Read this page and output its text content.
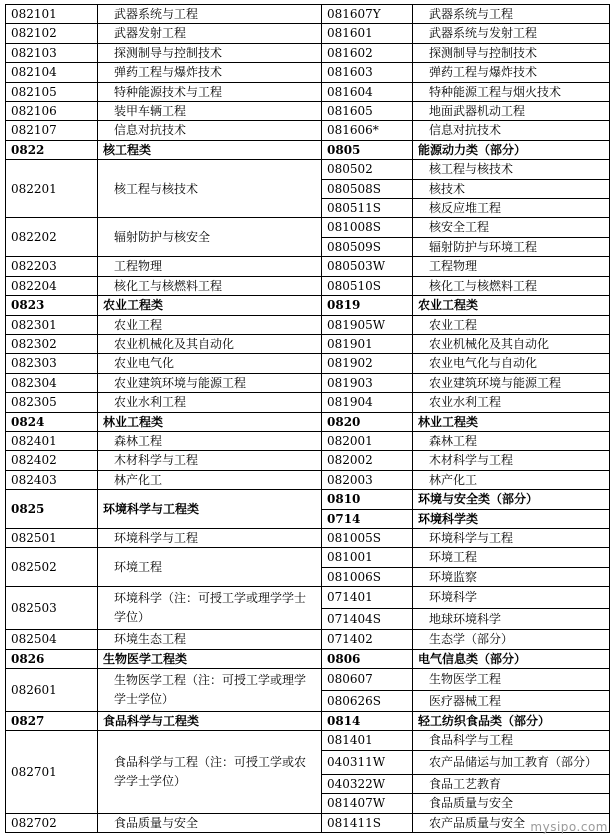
082101	武器系统与工程	081607Y	武器系统与工程
082102	武器发射工程	081601	武器系统与发射工程
082103	探测制导与控制技术	081602	探测制导与控制技术
082104	弹药工程与爆炸技术	081603	弹药工程与爆炸技术
082105	特种能源技术与工程	081604	特种能源工程与烟火技术
082106	装甲车辆工程	081605	地面武器机动工程
082107	信息对抗技术	081606*	信息对抗技术
0822	核工程类	0805	能源动力类（部分）
082201	核工程与核技术	080502	核工程与核技术
		080508S	核技术
		080511S	核反应堆工程
082202	辐射防护与核安全	081008S	核安全工程
		080509S	辐射防护与环境工程
082203	工程物理	080503W	工程物理
082204	核化工与核燃料工程	080510S	核化工与核燃料工程
0823	农业工程类	0819	农业工程类
082301	农业工程	081905W	农业工程
082302	农业机械化及其自动化	081901	农业机械化及其自动化
082303	农业电气化	081902	农业电气化与自动化
082304	农业建筑环境与能源工程	081903	农业建筑环境与能源工程
082305	农业水利工程	081904	农业水利工程
0824	林业工程类	0820	林业工程类
082401	森林工程	082001	森林工程
082402	木材科学与工程	082002	木材科学与工程
082403	林产化工	082003	林产化工
0825	环境科学与工程类	0810	环境与安全类（部分）
		0714	环境科学类
082501	环境科学与工程	081005S	环境科学与工程
082502	环境工程	081001	环境工程
		081006S	环境监察
082503	环境科学（注：可授工学或理学学士学位）	071401	环境科学
		071404S	地球环境科学
082504	环境生态工程	071402	生态学（部分）
0826	生物医学工程类	0806	电气信息类（部分）
082601	生物医学工程（注：可授工学或理学学士学位）	080607	生物医学工程
		080626S	医疗器械工程
0827	食品科学与工程类	0814	轻工纺织食品类（部分）
082701	食品科学与工程（注：可授工学或农学学士学位）	081401	食品科学与工程
		040311W	农产品储运与加工教育（部分）
		040322W	食品工艺教育
		081407W	食品质量与安全
082702	食品质量与安全	081411S	农产品质量与安全 mysipo.com
